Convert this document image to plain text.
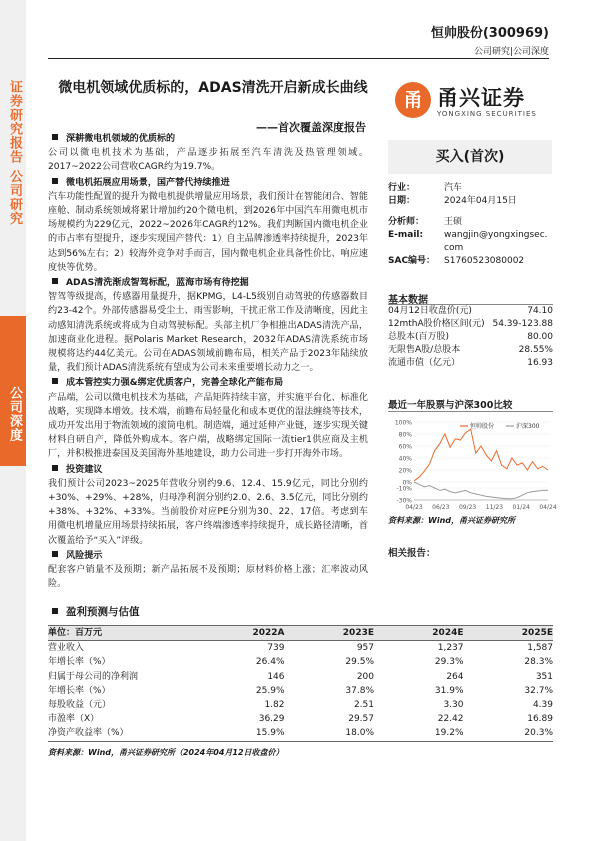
证券研究报告 公司研究
公司深度
恒帅股份(300969)
公司研究|公司深度
微电机领域优质标的，ADAS清洗开启新成长曲线
——首次覆盖深度报告
深耕微电机领域的优质标的
公司以微电机技术为基础，产品逐步拓展至汽车清洗及热管理领域。2017~2022公司营收CAGR约为19.7%。
微电机拓展应用场景，国产替代持续推进
汽车功能性配置的提升为微电机提供增量应用场景，我们预计在智能闭合、智能座舱、制动系统领域将累计增加约20个微电机，到2026年中国汽车用微电机市场规模约为229亿元，2022~2026年CAGR约12%。我们判断国内微电机企业的市占率有望提升，逐步实现国产替代：1）自主品牌渗透率持续提升，2023年达到56%左右；2）较海外竞争对手而言，国内微电机企业具备性价比、响应速度快等优势。
ADAS清洗渐成智驾标配，蓝海市场有待挖掘
智驾等级提高，传感器用量提升，据KPMG，L4-L5级别自动驾驶的传感器数目约23-42个。外部传感器易受尘土、雨雪影响，干扰正常工作及清晰度，因此主动感知清洗系统或将成为自动驾驶标配。头部主机厂争相推出ADAS清洗产品，加速商业化进程。据Polaris Market Research，2032年ADAS清洗系统市场规模将达约44亿美元。公司在ADAS领域前瞻布局，相关产品于2023年陆续放量，我们预计ADAS清洗系统有望成为公司未来重要增长动力之一。
成本管控实力强&绑定优质客户，完善全球化产能布局
产品端，公司以微电机技术为基础，产品矩阵持续丰富，并实施平台化、标准化战略，实现降本增效。技术端，前瞻布局轻量化和成本更优的湿法缠绕等技术，成功开发出用于物流领域的滚筒电机。制造端，通过延伸产业链，逐步实现关键材料自研自产，降低外购成本。客户端，战略绑定国际一流tier1供应商及主机厂，并积极推进泰国及美国海外基地建设，助力公司进一步打开海外市场。
投资建议
我们预计公司2023~2025年营收分别约9.6、12.4、15.9亿元，同比分别约+30%、+29%、+28%，归母净利润分别约2.0、2.6、3.5亿元，同比分别约+38%、+32%、+33%。当前股价对应PE分别为30、22、17倍。考虑到车用微电机增量应用场景持续拓展，客户终端渗透率持续提升，成长路径清晰，首次覆盖给予“买入”评级。
风险提示
配套客户销量不及预期；新产品拓展不及预期；原材料价格上涨；汇率波动风险。
甬 甬兴证券
YONGXING SECURITIES
买入(首次)
行业：	汽车
日期：	2024年04月15日
分析师： 王硕
E-mail: wangjin@yongxingsec.com
SAC编号： S1760523080002
基本数据
04月12日收盘价(元)	74.10
12mthA股价格区间(元) 54.39-123.88
总股本(百万股)	80.00
无限售A股/总股本	28.55%
流通市值（亿元）	16.93
最近一年股票与沪深300比较
100%
80%
60%
40%
20%
0%
-10%
-30%
04/23 06/23 09/23 11/23 01/24 04/24
恒帅股份	沪深300
资料来源：Wind，甬兴证券研究所
相关报告：
盈利预测与估值
单位：百万元	2022A	2023E	2024E	2025E
营业收入	739	957	1,237	1,587
年增长率（%）	26.4%	29.5%	29.3%	28.3%
归属于母公司的净利润	146	200	264	351
年增长率（%）	25.9%	37.8%	31.9%	32.7%
每股收益（元）	1.82	2.51	3.30	4.39
市盈率（X）	36.29	29.57	22.42	16.89
净资产收益率（%）	15.9%	18.0%	19.2%	20.3%
资料来源：Wind，甬兴证券研究所（2024年04月12日收盘价）
